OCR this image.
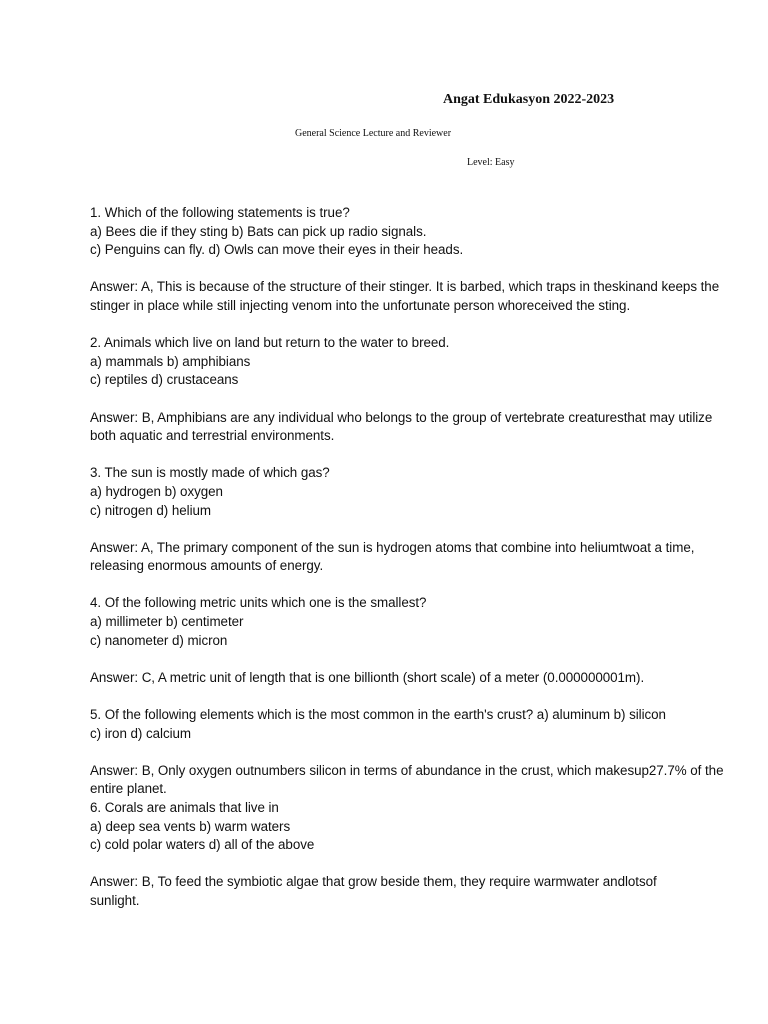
Angat Edukasyon 2022-2023
General Science Lecture and Reviewer
Level: Easy
1. Which of the following statements is true?
a) Bees die if they sting b) Bats can pick up radio signals.
c) Penguins can fly. d) Owls can move their eyes in their heads.
Answer: A, This is because of the structure of their stinger. It is barbed, which traps in theskinand keeps the
stinger in place while still injecting venom into the unfortunate person whoreceived the sting.
2. Animals which live on land but return to the water to breed.
a) mammals b) amphibians
c) reptiles d) crustaceans
Answer: B, Amphibians are any individual who belongs to the group of vertebrate creaturesthat may utilize
both aquatic and terrestrial environments.
3. The sun is mostly made of which gas?
a) hydrogen b) oxygen
c) nitrogen d) helium
Answer: A, The primary component of the sun is hydrogen atoms that combine into heliumtwoat a time,
releasing enormous amounts of energy.
4. Of the following metric units which one is the smallest?
a) millimeter b) centimeter
c) nanometer d) micron
Answer: C, A metric unit of length that is one billionth (short scale) of a meter (0.000000001m).
5. Of the following elements which is the most common in the earth's crust? a) aluminum b) silicon
c) iron d) calcium
Answer: B, Only oxygen outnumbers silicon in terms of abundance in the crust, which makesup27.7% of the
entire planet.
6. Corals are animals that live in
a) deep sea vents b) warm waters
c) cold polar waters d) all of the above
Answer: B, To feed the symbiotic algae that grow beside them, they require warmwater andlotsof
sunlight.
